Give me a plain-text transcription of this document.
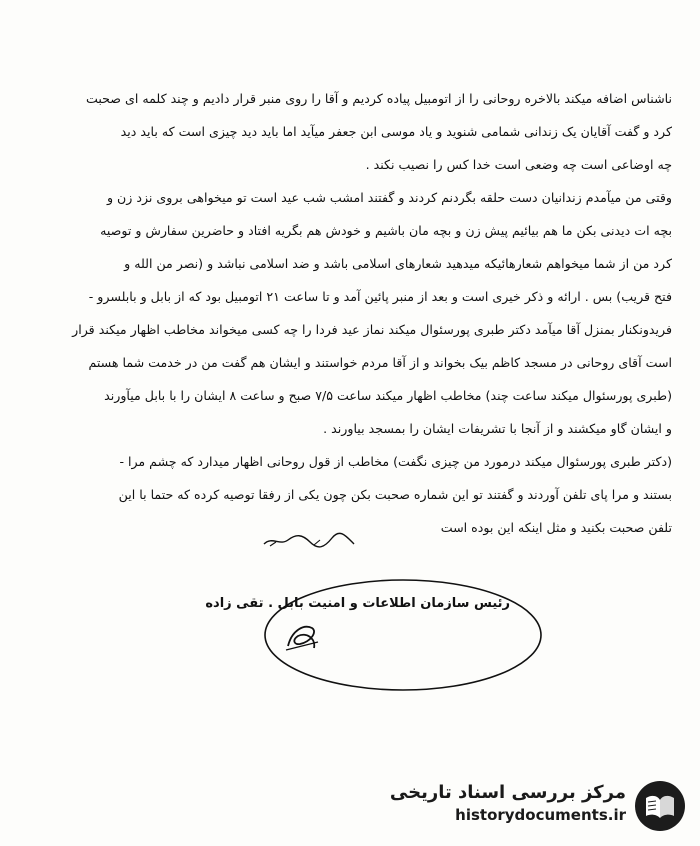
ناشناس اضافه میکند بالاخره روحانی را از اتومبیل پیاده کردیم و آقا را روی منبر قرار دادیم و چند کلمه ای صحبت
کرد و گفت آقایان یک زندانی شمامی شنوید و یاد موسی ابن جعفر میآید اما باید دید چیزی است که باید دید
چه اوضاعی است چه وضعی است خدا کس را نصیب نکند .
وقتی من میآمدم زندانیان دست حلقه بگردنم کردند و گفتند امشب شب عید است تو میخواهی بروی نزد زن و
بچه ات دیدنی بکن ما هم بیائیم پیش زن و بچه مان باشیم و خودش هم بگریه افتاد و حاضرین سفارش و توصیه
کرد من از شما میخواهم شعارهائیکه میدهید شعارهای اسلامی باشد و ضد اسلامی نباشد و (نصر من الله و
فتح قریب) بس . ارائه و ذکر خیری است و بعد از منبر پائین آمد و تا ساعت ۲۱ اتومبیل بود که از بابل و بابلسرو -
فریدونکنار بمنزل آقا میآمد دکتر طبری پورسئوال میکند نماز عید فردا را چه کسی میخواند مخاطب اظهار میکند قرار
است آقای روحانی در مسجد کاظم بیک بخواند و از آقا مردم خواستند و ایشان هم گفت من در خدمت شما هستم
(طبری پورسئوال میکند ساعت چند) مخاطب اظهار میکند ساعت ۷/۵ صبح و ساعت ۸ ایشان را با بابل میآورند
و ایشان گاو میکشند و از آنجا با تشریفات ایشان را بمسجد بیاورند .
(دکتر طبری پورسئوال میکند درمورد من چیزی نگفت) مخاطب از قول روحانی اظهار میدارد که چشم مرا -
بستند و مرا پای تلفن آوردند و گفتند تو این شماره صحبت بکن چون یکی از رفقا توصیه کرده که حتما با این
تلفن صحبت بکنید و مثل اینکه این بوده است
رئیس سازمان اطلاعات و امنیت بابل . تقی زاده
مرکز بررسی اسناد تاریخی
historydocuments.ir
